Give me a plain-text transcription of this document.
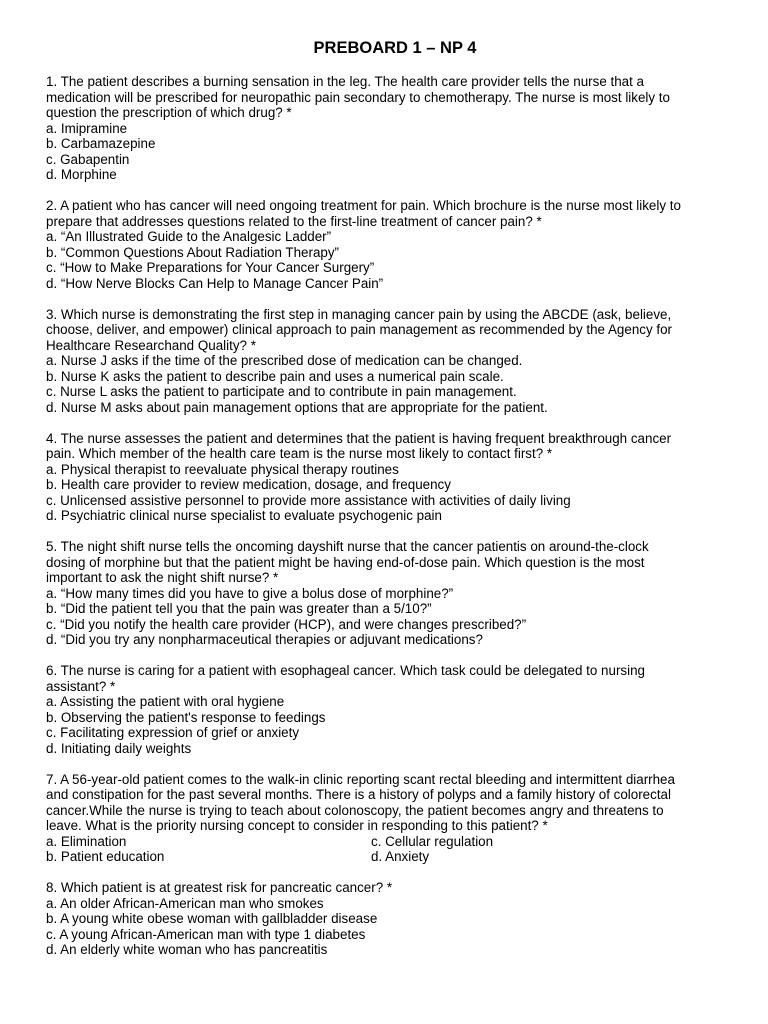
PREBOARD 1 – NP 4

1. The patient describes a burning sensation in the leg. The health care provider tells the nurse that a
medication will be prescribed for neuropathic pain secondary to chemotherapy. The nurse is most likely to
question the prescription of which drug? *

a. Imipramine

b. Carbamazepine

c. Gabapentin

d. Morphine

2. A patient who has cancer will need ongoing treatment for pain. Which brochure is the nurse most likely to
prepare that addresses questions related to the first-line treatment of cancer pain? *

a. “An Illustrated Guide to the Analgesic Ladder”

b. “Common Questions About Radiation Therapy”

c. “How to Make Preparations for Your Cancer Surgery”

d. “How Nerve Blocks Can Help to Manage Cancer Pain”

3. Which nurse is demonstrating the first step in managing cancer pain by using the ABCDE (ask, believe,
choose, deliver, and empower) clinical approach to pain management as recommended by the Agency for
Healthcare Researchand Quality? *

a. Nurse J asks if the time of the prescribed dose of medication can be changed.

b. Nurse K asks the patient to describe pain and uses a numerical pain scale.

c. Nurse L asks the patient to participate and to contribute in pain management.

d. Nurse M asks about pain management options that are appropriate for the patient.

4. The nurse assesses the patient and determines that the patient is having frequent breakthrough cancer
pain. Which member of the health care team is the nurse most likely to contact first? *

a. Physical therapist to reevaluate physical therapy routines

b. Health care provider to review medication, dosage, and frequency

c. Unlicensed assistive personnel to provide more assistance with activities of daily living

d. Psychiatric clinical nurse specialist to evaluate psychogenic pain

5. The night shift nurse tells the oncoming dayshift nurse that the cancer patientis on around-the-clock
dosing of morphine but that the patient might be having end-of-dose pain. Which question is the most
important to ask the night shift nurse? *

a. “How many times did you have to give a bolus dose of morphine?”

b. “Did the patient tell you that the pain was greater than a 5/10?”

c. “Did you notify the health care provider (HCP), and were changes prescribed?”

d. “Did you try any nonpharmaceutical therapies or adjuvant medications?

6. The nurse is caring for a patient with esophageal cancer. Which task could be delegated to nursing
assistant? *

a. Assisting the patient with oral hygiene

b. Observing the patient's response to feedings

c. Facilitating expression of grief or anxiety

d. Initiating daily weights

7. A 56-year-old patient comes to the walk-in clinic reporting scant rectal bleeding and intermittent diarrhea
and constipation for the past several months. There is a history of polyps and a family history of colorectal
cancer.While the nurse is trying to teach about colonoscopy, the patient becomes angry and threatens to
leave. What is the priority nursing concept to consider in responding to this patient? *

a. Elimination	c. Cellular regulation

b. Patient education	d. Anxiety

8. Which patient is at greatest risk for pancreatic cancer? *

a. An older African-American man who smokes

b. A young white obese woman with gallbladder disease

c. A young African-American man with type 1 diabetes

d. An elderly white woman who has pancreatitis
